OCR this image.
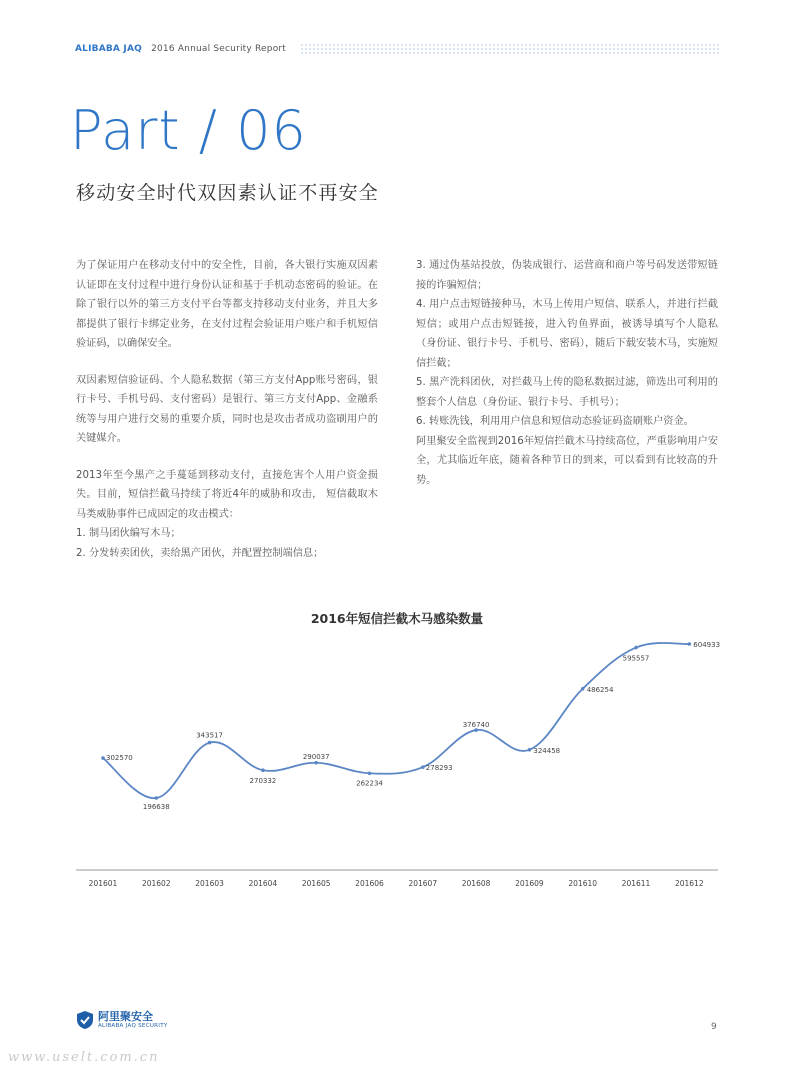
ALIBABA JAQ 2016 Annual Security Report
Part / 06
移动安全时代双因素认证不再安全

为了保证用户在移动支付中的安全性，目前，各大银行实施双因素认证即在支付过程中进行身份认证和基于手机动态密码的验证。在除了银行以外的第三方支付平台等都支持移动支付业务，并且大多都提供了银行卡绑定业务，在支付过程会验证用户账户和手机短信验证码，以确保安全。

双因素短信验证码、个人隐私数据（第三方支付App账号密码，银行卡号、手机号码、支付密码）是银行、第三方支付App、金融系统等与用户进行交易的重要介质，同时也是攻击者成功盗刷用户的关键媒介。

2013年至今黑产之手蔓延到移动支付，直接危害个人用户资金损失。目前，短信拦截马持续了将近4年的威胁和攻击， 短信截取木马类威胁事件已成固定的攻击模式：

1. 制马团伙编写木马；

2. 分发转卖团伙，卖给黑产团伙，并配置控制端信息；

3. 通过伪基站投放，伪装成银行、运营商和商户等号码发送带短链接的诈骗短信；

4. 用户点击短链接种马，木马上传用户短信、联系人，并进行拦截短信；或用户点击短链接，进入钓鱼界面，被诱导填写个人隐私（身份证、银行卡号、手机号、密码），随后下载安装木马，实施短信拦截；

5. 黑产洗料团伙，对拦截马上传的隐私数据过滤，筛选出可利用的整套个人信息（身份证、银行卡号、手机号）；

6. 转账洗钱，利用用户信息和短信动态验证码盗刷账户资金。

阿里聚安全监视到2016年短信拦截木马持续高位，严重影响用户安全，尤其临近年底，随着各种节日的到来，可以看到有比较高的升势。

2016年短信拦截木马感染数量
302570
196638
343517
270332
290037
262234
278293
376740
324458
486254
595557
604933
201601	201602	201603	201604	201605	201606	201607	201608	201609	201610	201611	201612
阿里聚安全
ALIBABA JAQ SECURITY	9
www.uselt.com.cn
